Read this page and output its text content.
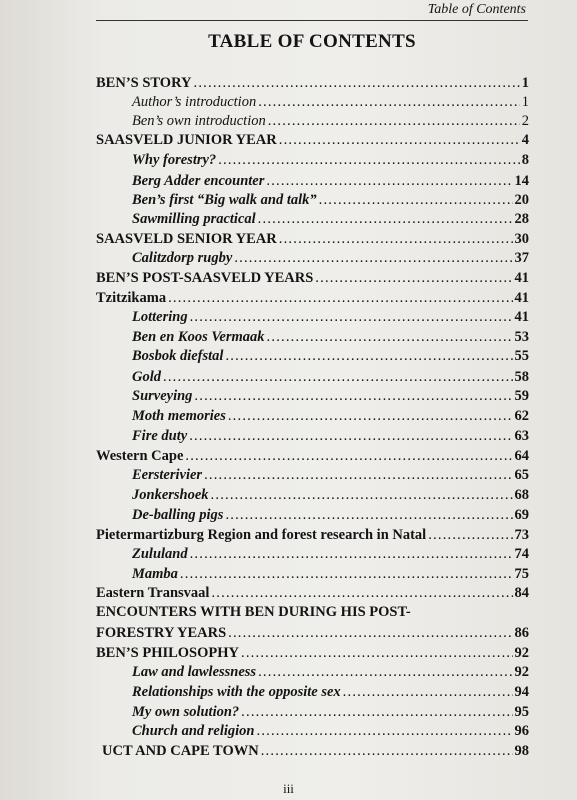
Table of Contents
TABLE OF CONTENTS
BEN’S STORY .....	1
Author’s introduction .....	1
Ben’s own introduction .....	2
SAASVELD JUNIOR YEAR .....	4
Why forestry? .....	8
Berg Adder encounter .....	14
Ben’s first “Big walk and talk” .....	20
Sawmilling practical .....	28
SAASVELD SENIOR YEAR .....	30
Calitzdorp rugby .....	37
BEN’S POST-SAASVELD YEARS .....	41
Tzitzikama .....	41
Lottering .....	41
Ben en Koos Vermaak .....	53
Bosbok diefstal .....	55
Gold .....	58
Surveying .....	59
Moth memories .....	62
Fire duty .....	63
Western Cape .....	64
Eersterivier .....	65
Jonkershoek .....	68
De-balling pigs .....	69
Pietermartizburg Region and forest research in Natal .....	73
Zululand .....	74
Mamba .....	75
Eastern Transvaal .....	84
ENCOUNTERS WITH BEN DURING HIS POST-
FORESTRY YEARS .....	86
BEN’S PHILOSOPHY .....	92
Law and lawlessness .....	92
Relationships with the opposite sex .....	94
My own solution? .....	95
Church and religion .....	96
UCT AND CAPE TOWN .....	98
iii
